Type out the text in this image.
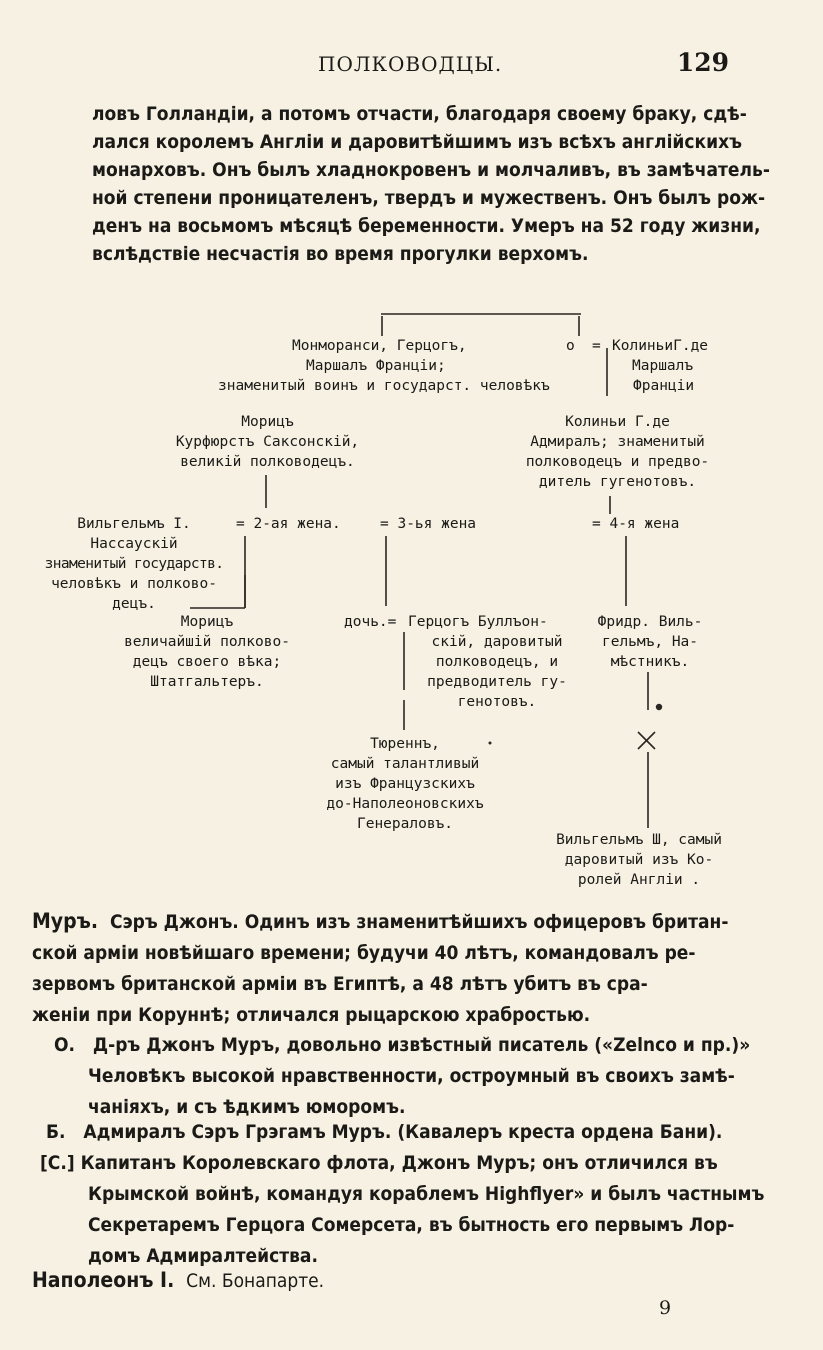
ПОЛКОВОДЦЫ.	129
ловъ Голландіи, а потомъ отчасти, благодаря своему браку, сдѣ-
лался королемъ Англіи и даровитѣйшимъ изъ всѣхъ англійскихъ
монарховъ. Онъ былъ хладнокровенъ и молчаливъ, въ замѣчатель-
ной степени проницателенъ, твердъ и мужественъ. Онъ былъ рож-
денъ на восьмомъ мѣсяцѣ беременности. Умеръ на 52 году жизни,
вслѣдствіе несчастія во время прогулки верхомъ.
Монморанси, Герцогъ,
Маршалъ Франціи;
знаменитый воинъ и государст. человѣкъ
о = КолиньиГ.де
Маршалъ
Франціи
Морицъ
Курфюрстъ Саксонскій,
великій полководецъ.
Колиньи Г.де
Адмиралъ; знаменитый
полководецъ и предво-
дитель гугенотовъ.
Вильгельмъ I.
Нассаускій
знаменитый государств.
человѣкъ и полково-
децъ.
= 2-ая жена.	= 3-ья жена	= 4-я жена
Морицъ
величайшій полково-
децъ своего вѣка;
Штатгальтеръ.
дочь.= Герцогъ Буллъон-
скій, даровитый
полководецъ, и
предводитель гу-
генотовъ.
Фридр. Виль-
гельмъ, На-
мѣстникъ.
Тюреннъ,
самый талантливый
изъ Французскихъ
до-Наполеоновскихъ
Генераловъ.
Вильгельмъ Ш, самый
даровитый изъ Ко-
ролей Англіи .
Муръ. Сэръ Джонъ. Одинъ изъ знаменитѣйшихъ офицеровъ британ-
ской арміи новѣйшаго времени; будучи 40 лѣтъ, командовалъ ре-
зервомъ британской арміи въ Египтѣ, а 48 лѣтъ убитъ въ сра-
женіи при Коруннѣ; отличался рыцарскою храбростью.
О. Д-ръ Джонъ Муръ, довольно извѣстный писатель («Zelnco и пр.)»
Человѣкъ высокой нравственности, остроумный въ своихъ замѣ-
чаніяхъ, и съ ѣдкимъ юморомъ.
Б. Адмиралъ Сэръ Грэгамъ Муръ. (Кавалеръ креста ордена Бани).
[С.] Капитанъ Королевскаго флота, Джонъ Муръ; онъ отличился въ
Крымской войнѣ, командуя кораблемъ Highflyer» и былъ частнымъ
Секретаремъ Герцога Сомерсета, въ бытность его первымъ Лор-
домъ Адмиралтейства.
Наполеонъ I. См. Бонапарте.
9
